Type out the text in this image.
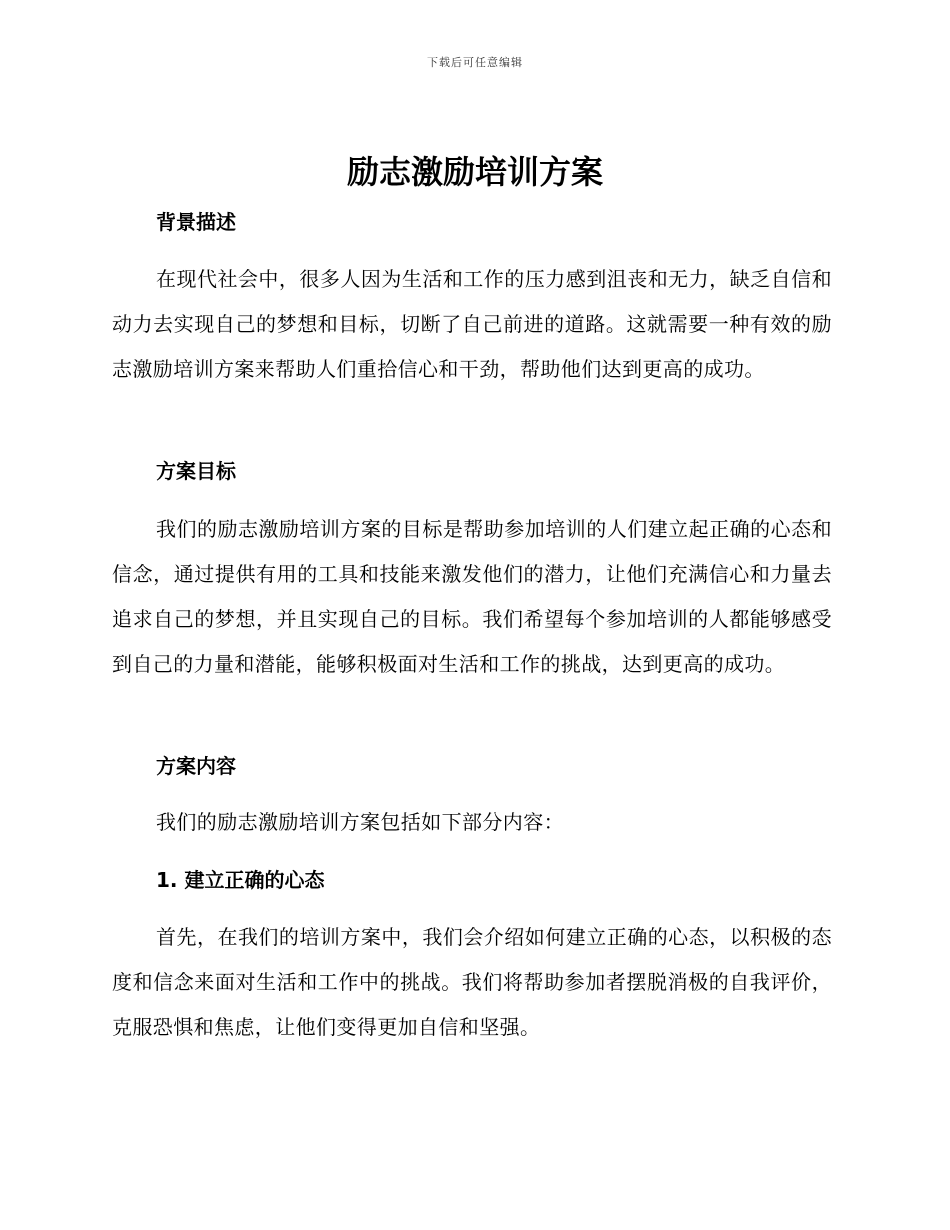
下载后可任意编辑
励志激励培训方案
背景描述

在现代社会中，很多人因为生活和工作的压力感到沮丧和无力，缺乏自信和动力去实现自己的梦想和目标，切断了自己前进的道路。这就需要一种有效的励志激励培训方案来帮助人们重拾信心和干劲，帮助他们达到更高的成功。

方案目标

我们的励志激励培训方案的目标是帮助参加培训的人们建立起正确的心态和信念，通过提供有用的工具和技能来激发他们的潜力，让他们充满信心和力量去追求自己的梦想，并且实现自己的目标。我们希望每个参加培训的人都能够感受到自己的力量和潜能，能够积极面对生活和工作的挑战，达到更高的成功。

方案内容

我们的励志激励培训方案包括如下部分内容：

1. 建立正确的心态

首先，在我们的培训方案中，我们会介绍如何建立正确的心态，以积极的态度和信念来面对生活和工作中的挑战。我们将帮助参加者摆脱消极的自我评价，克服恐惧和焦虑，让他们变得更加自信和坚强。
